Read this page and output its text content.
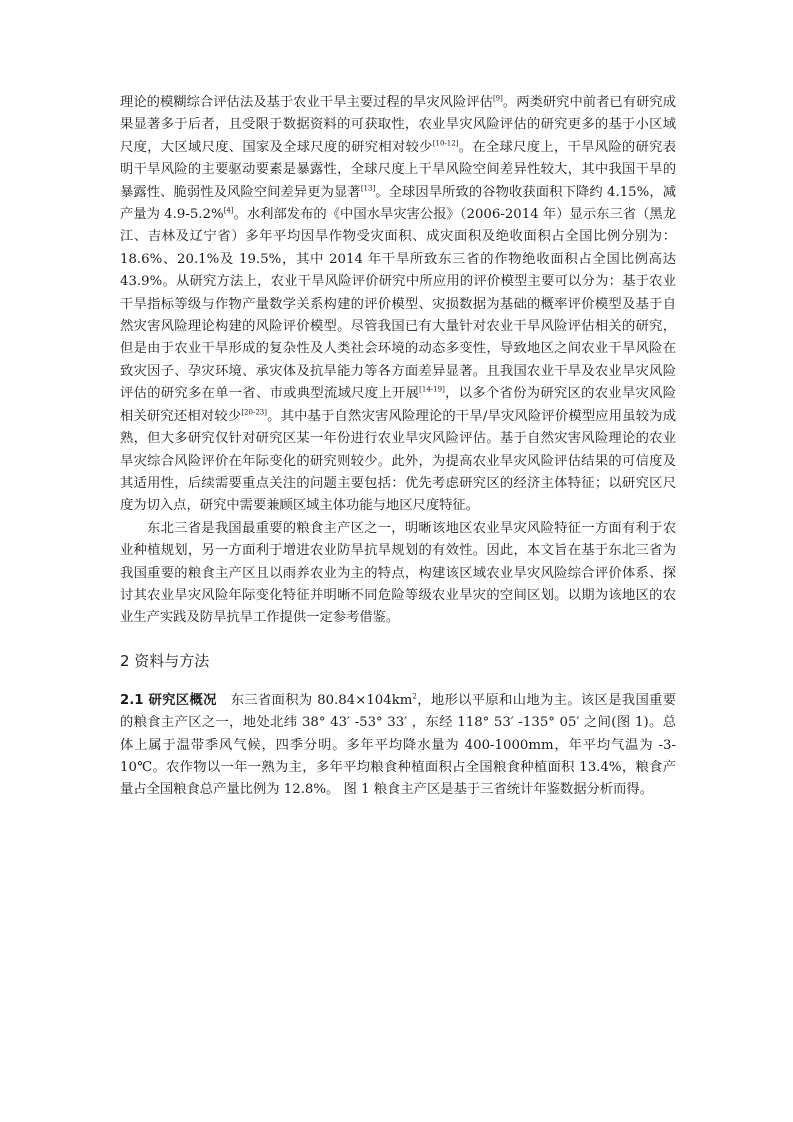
理论的模糊综合评估法及基于农业干旱主要过程的旱灾风险评估[9]。两类研究中前者已有研究成果显著多于后者，且受限于数据资料的可获取性，农业旱灾风险评估的研究更多的基于小区域尺度，大区域尺度、国家及全球尺度的研究相对较少[10-12]。在全球尺度上，干旱风险的研究表明干旱风险的主要驱动要素是暴露性，全球尺度上干旱风险空间差异性较大，其中我国干旱的暴露性、脆弱性及风险空间差异更为显著[13]。全球因旱所致的谷物收获面积下降约 4.15%，减产量为 4.9-5.2%[4]。水利部发布的《中国水旱灾害公报》（2006-2014 年）显示东三省（黑龙江、吉林及辽宁省）多年平均因旱作物受灾面积、成灾面积及绝收面积占全国比例分别为：18.6%、20.1%及 19.5%，其中 2014 年干旱所致东三省的作物绝收面积占全国比例高达 43.9%。从研究方法上，农业干旱风险评价研究中所应用的评价模型主要可以分为：基于农业干旱指标等级与作物产量数学关系构建的评价模型、灾损数据为基础的概率评价模型及基于自然灾害风险理论构建的风险评价模型。尽管我国已有大量针对农业干旱风险评估相关的研究，但是由于农业干旱形成的复杂性及人类社会环境的动态多变性，导致地区之间农业干旱风险在致灾因子、孕灾环境、承灾体及抗旱能力等各方面差异显著。且我国农业干旱及农业旱灾风险评估的研究多在单一省、市或典型流域尺度上开展[14-19]，以多个省份为研究区的农业旱灾风险相关研究还相对较少[20-23]。其中基于自然灾害风险理论的干旱/旱灾风险评价模型应用虽较为成熟，但大多研究仅针对研究区某一年份进行农业旱灾风险评估。基于自然灾害风险理论的农业旱灾综合风险评价在年际变化的研究则较少。此外，为提高农业旱灾风险评估结果的可信度及其适用性，后续需要重点关注的问题主要包括：优先考虑研究区的经济主体特征；以研究区尺度为切入点，研究中需要兼顾区域主体功能与地区尺度特征。

东北三省是我国最重要的粮食主产区之一，明晰该地区农业旱灾风险特征一方面有利于农业种植规划，另一方面利于增进农业防旱抗旱规划的有效性。因此，本文旨在基于东北三省为我国重要的粮食主产区且以雨养农业为主的特点，构建该区域农业旱灾风险综合评价体系、探讨其农业旱灾风险年际变化特征并明晰不同危险等级农业旱灾的空间区划。以期为该地区的农业生产实践及防旱抗旱工作提供一定参考借鉴。

2 资料与方法

2.1 研究区概况 东三省面积为 $80.84\times 104km^2$，地形以平原和山地为主。该区是我国重要的粮食主产区之一，地处北纬 38° 43′ -53° 33′ ，东经 118° 53′ -135° 05′ 之间(图 1)。总体上属于温带季风气候，四季分明。多年平均降水量为 400-1000mm，年平均气温为 -3-10℃。农作物以一年一熟为主，多年平均粮食种植面积占全国粮食种植面积 13.4%，粮食产量占全国粮食总产量比例为 12.8%。 图 1 粮食主产区是基于三省统计年鉴数据分析而得。
